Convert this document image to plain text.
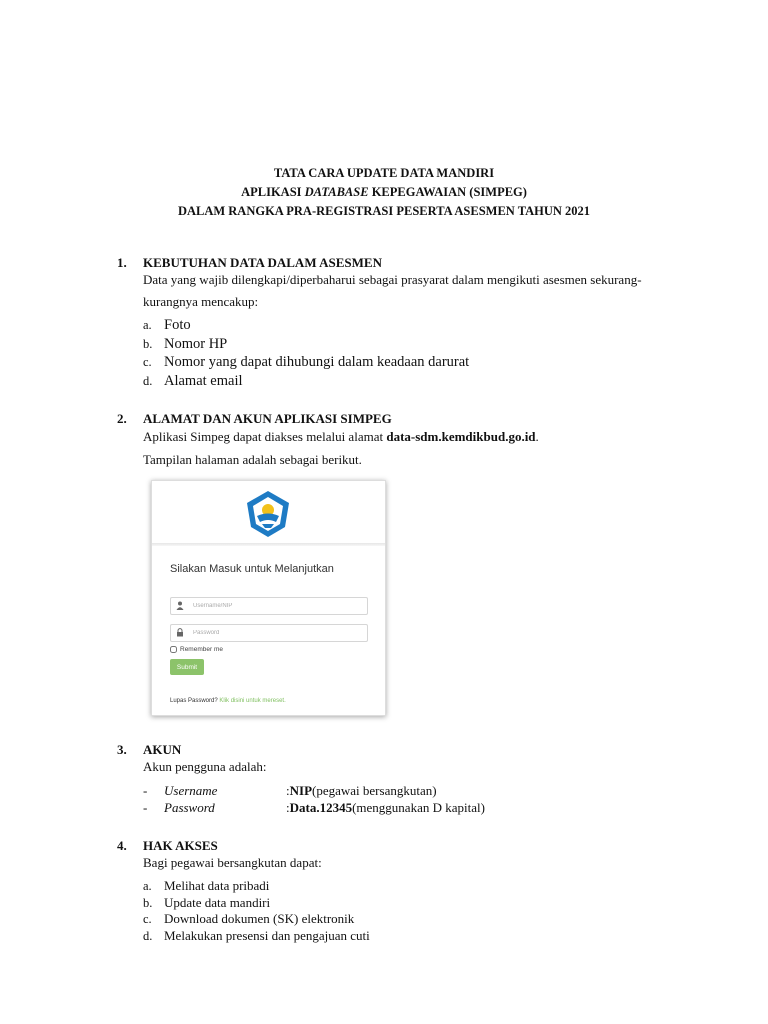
TATA CARA UPDATE DATA MANDIRI
APLIKASI DATABASE KEPEGAWAIAN (SIMPEG)
DALAM RANGKA PRA-REGISTRASI PESERTA ASESMEN TAHUN 2021
1. KEBUTUHAN DATA DALAM ASESMEN
Data yang wajib dilengkapi/diperbaharui sebagai prasyarat dalam mengikuti asesmen sekurang-
kurangnya mencakup:
a. Foto
b. Nomor HP
c. Nomor yang dapat dihubungi dalam keadaan darurat
d. Alamat email
2. ALAMAT DAN AKUN APLIKASI SIMPEG
Aplikasi Simpeg dapat diakses melalui alamat data-sdm.kemdikbud.go.id.
Tampilan halaman adalah sebagai berikut.
Silakan Masuk untuk Melanjutkan
Username/NIP
Remember me
Submit
Lupas Password? Klik disini untuk mereset.
3. AKUN
Akun pengguna adalah:
-	Username	: NIP (pegawai bersangkutan)
-	Password	: Data.12345 (menggunakan D kapital)
4. HAK AKSES
Bagi pegawai bersangkutan dapat:
a. Melihat data pribadi
b. Update data mandiri
c. Download dokumen (SK) elektronik
d. Melakukan presensi dan pengajuan cuti
